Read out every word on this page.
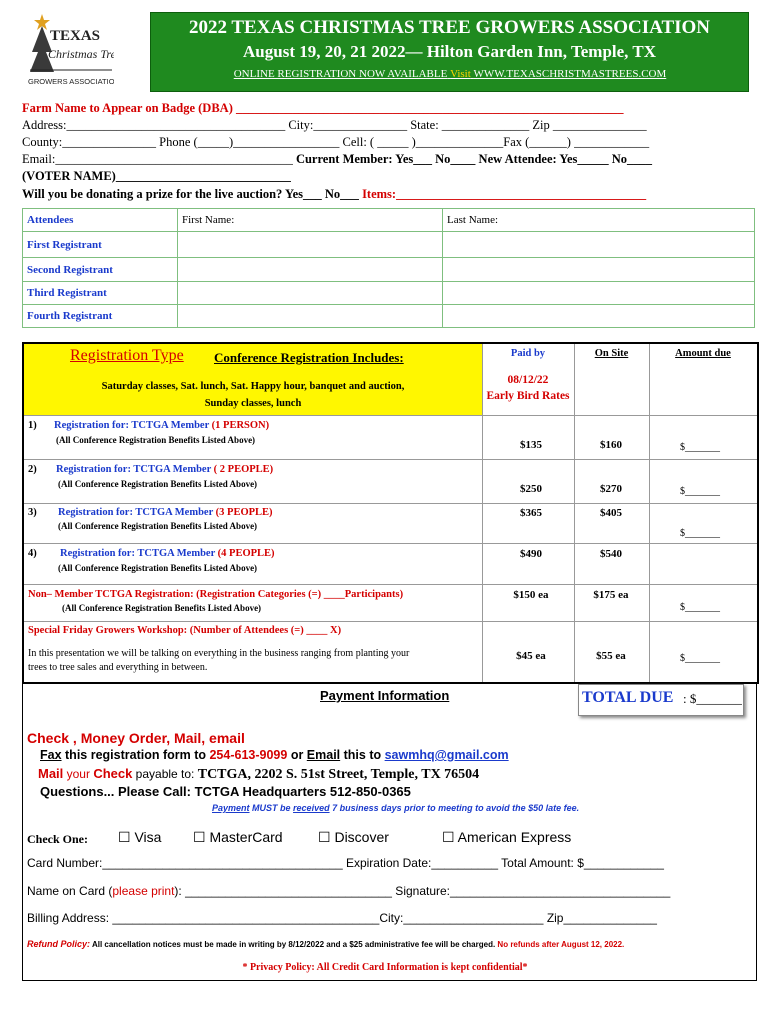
TEXAS
Christmas Tree
GROWERS ASSOCIATION
2022 TEXAS CHRISTMAS TREE GROWERS ASSOCIATION
August 19, 20, 21 2022— Hilton Garden Inn, Temple, TX
ONLINE REGISTRATION NOW AVAILABLE Visit WWW.TEXASCHRISTMASTREES.COM
Farm Name to Appear on Badge (DBA) ______________________________________________________________
Address:___________________________________ City:_______________ State: ______________ Zip _______________
County:_______________ Phone (_____)_________________ Cell: ( _____ )______________Fax (______) ____________
Email:______________________________________ Current Member: Yes___ No____ New Attendee: Yes_____ No____
(VOTER NAME)____________________________
Will you be donating a prize for the live auction? Yes___ No___ Items:________________________________________
Attendees	First Name:	Last Name:
First Registrant		
Second Registrant		
Third Registrant		
Fourth Registrant		
Registration Type Conference Registration Includes:
Saturday classes, Sat. lunch, Sat. Happy hour, banquet and auction,
Sunday classes, lunch
Paid by
08/12/22
Early Bird Rates
On Site	Amount due
1) Registration for: TCTGA Member (1 PERSON)
(All Conference Registration Benefits Listed Above)	$135	$160	$_______
2) Registration for: TCTGA Member ( 2 PEOPLE)
(All Conference Registration Benefits Listed Above)	$250	$270	$_______
3) Registration for: TCTGA Member (3 PEOPLE)
(All Conference Registration Benefits Listed Above)
$365	$405
$_______
4) Registration for: TCTGA Member (4 PEOPLE)
(All Conference Registration Benefits Listed Above)
$490	$540
Non– Member TCTGA Registration: (Registration Categories (=) ____Participants)
(All Conference Registration Benefits Listed Above)
$150 ea	$175 ea
$_______
Special Friday Growers Workshop: (Number of Attendees (=) ____ X)
In this presentation we will be talking on everything in the business ranging from planting your
trees to tree sales and everything in between.
$45 ea	$55 ea	$_______
Payment Information	TOTAL DUE : $_______
Check , Money Order, Mail, email
Fax this registration form to 254-613-9099 or Email this to sawmhq@gmail.com
Mail your Check payable to: TCTGA, 2202 S. 51st Street, Temple, TX 76504
Questions... Please Call: TCTGA Headquarters 512-850-0365
Payment MUST be received 7 business days prior to meeting to avoid the $50 late fee.
Check One: ☐ Visa ☐ MasterCard	☐ Discover	☐ American Express
Card Number:____________________________________ Expiration Date:__________ Total Amount: $____________
Name on Card (please print): _______________________________ Signature:_________________________________
Billing Address: ________________________________________City:_____________________ Zip______________
Refund Policy: All cancellation notices must be made in writing by 8/12/2022 and a $25 administrative fee will be charged. No refunds after August 12, 2022.
* Privacy Policy: All Credit Card Information is kept confidential*
